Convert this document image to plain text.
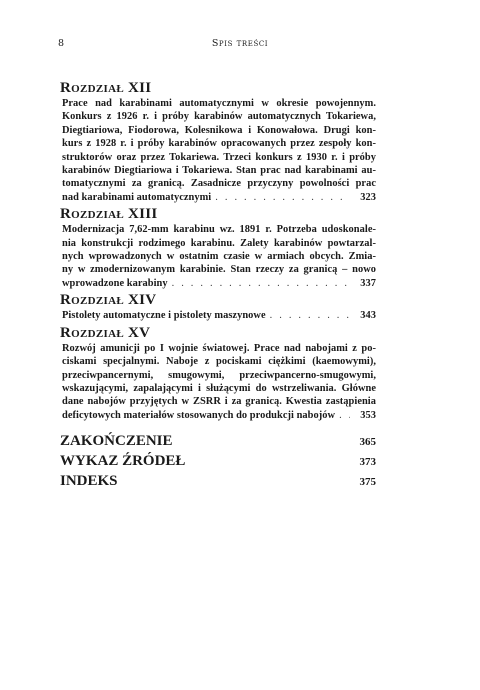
8	Spis treści
Rozdział XII
Prace nad karabinami automatycznymi w okresie powojennym.
Konkurs z 1926 r. i próby karabinów automatycznych Tokariewa,
Diegtiariowa, Fiodorowa, Kolesnikowa i Konowałowa. Drugi kon-
kurs z 1928 r. i próby karabinów opracowanych przez zespoły kon-
struktorów oraz przez Tokariewa. Trzeci konkurs z 1930 r. i próby
karabinów Diegtiariowa i Tokariewa. Stan prac nad karabinami au-
tomatycznymi za granicą. Zasadnicze przyczyny powolności prac
nad karabinami automatycznymi . . .	323
Rozdział XIII
Modernizacja 7,62-mm karabinu wz. 1891 r. Potrzeba udoskonale-
nia konstrukcji rodzimego karabinu. Zalety karabinów powtarzal-
nych wprowadzonych w ostatnim czasie w armiach obcych. Zmia-
ny w zmodernizowanym karabinie. Stan rzeczy za granicą – nowo
wprowadzone karabiny . . .	337
Rozdział XIV
Pistolety automatyczne i pistolety maszynowe . . .	343
Rozdział XV
Rozwój amunicji po I wojnie światowej. Prace nad nabojami z po-
ciskami specjalnymi. Naboje z pociskami ciężkimi (kaemowymi),
przeciwpancernymi, smugowymi, przeciwpancerno-smugowymi,
wskazującymi, zapalającymi i służącymi do wstrzeliwania. Główne
dane nabojów przyjętych w ZSRR i za granicą. Kwestia zastąpienia
deficytowych materiałów stosowanych do produkcji nabojów . . .	353
ZAKOŃCZENIE	365
WYKAZ ŹRÓDEŁ	373
INDEKS	375
